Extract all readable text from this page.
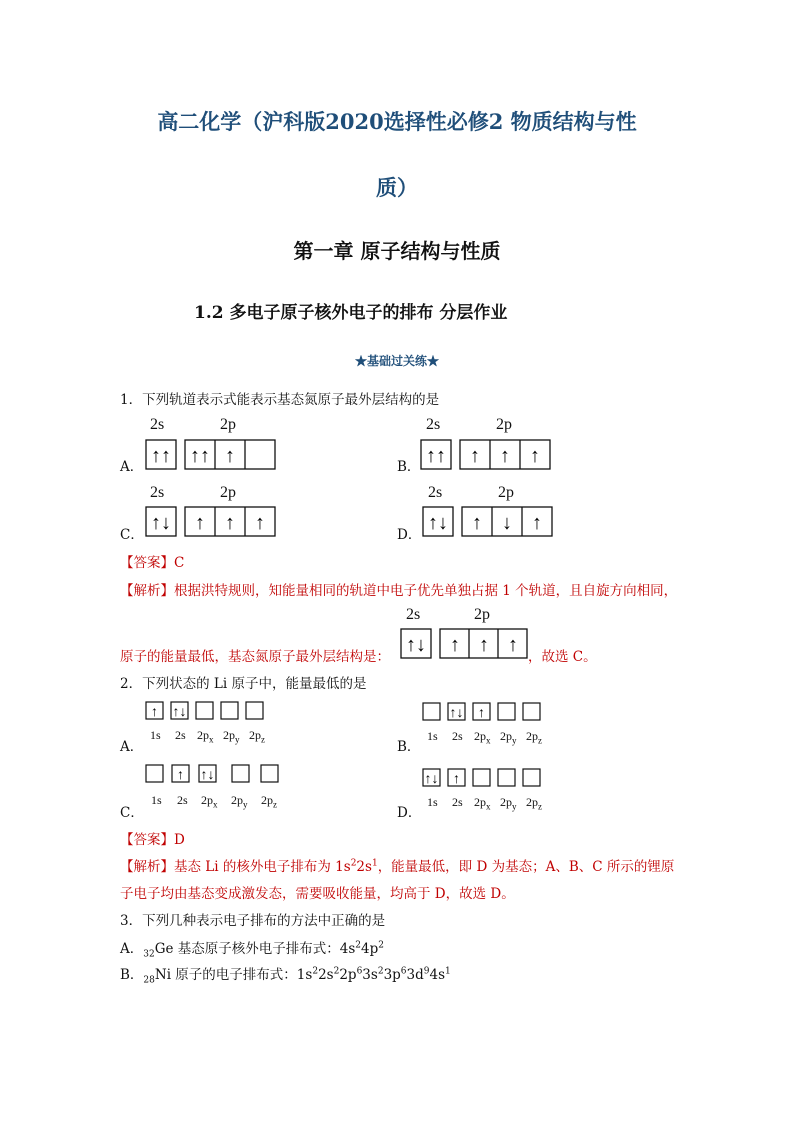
高二化学（沪科版2020选择性必修2 物质结构与性
质）
第一章 原子结构与性质
1.2 多电子原子核外电子的排布 分层作业
★基础过关练★
1．下列轨道表示式能表示基态氮原子最外层结构的是
2s	2p
A． ↑↑ ↑↑ ↑
2s	2p
B． ↑↑ ↑ ↑ ↑
2s	2p
C．
↑↓ ↑ ↑ ↑
2s	2p
D．
↑↓ ↑ ↓ ↑
【答案】C
【解析】根据洪特规则，知能量相同的轨道中电子优先单独占据 1 个轨道，且自旋方向相同，
原子的能量最低，基态氮原子最外层结构是：
2s	2p
↑↓ ↑ ↑ ↑
，故选 C。
2．下列状态的 Li 原子中，能量最低的是
A．
↑ ↑↓
1s 2s $2p_x$ $2p_y$ $2p_z$	B．
↑↓ ↑
1s 2s $2p_x$ $2p_y$ $2p_z$
C．
↑ ↑↓
1s 2s $2p_x$ $2p_y$ $2p_z$
D．
↑↓ ↑
1s 2s $2p_x$ $2p_y$ $2p_z$
【答案】D
【解析】基态 Li 的核外电子排布为 $1s^22s^1$，能量最低，即 D 为基态；A、B、C 所示的锂原
子电子均由基态变成激发态，需要吸收能量，均高于 D，故选 D。
3．下列几种表示电子排布的方法中正确的是
A．$_{32}$Ge 基态原子核外电子排布式：$4s^24p^2$
B．$_{28}$Ni 原子的电子排布式：$1s^22s^22p^63s^23p^63d^94s^1$
